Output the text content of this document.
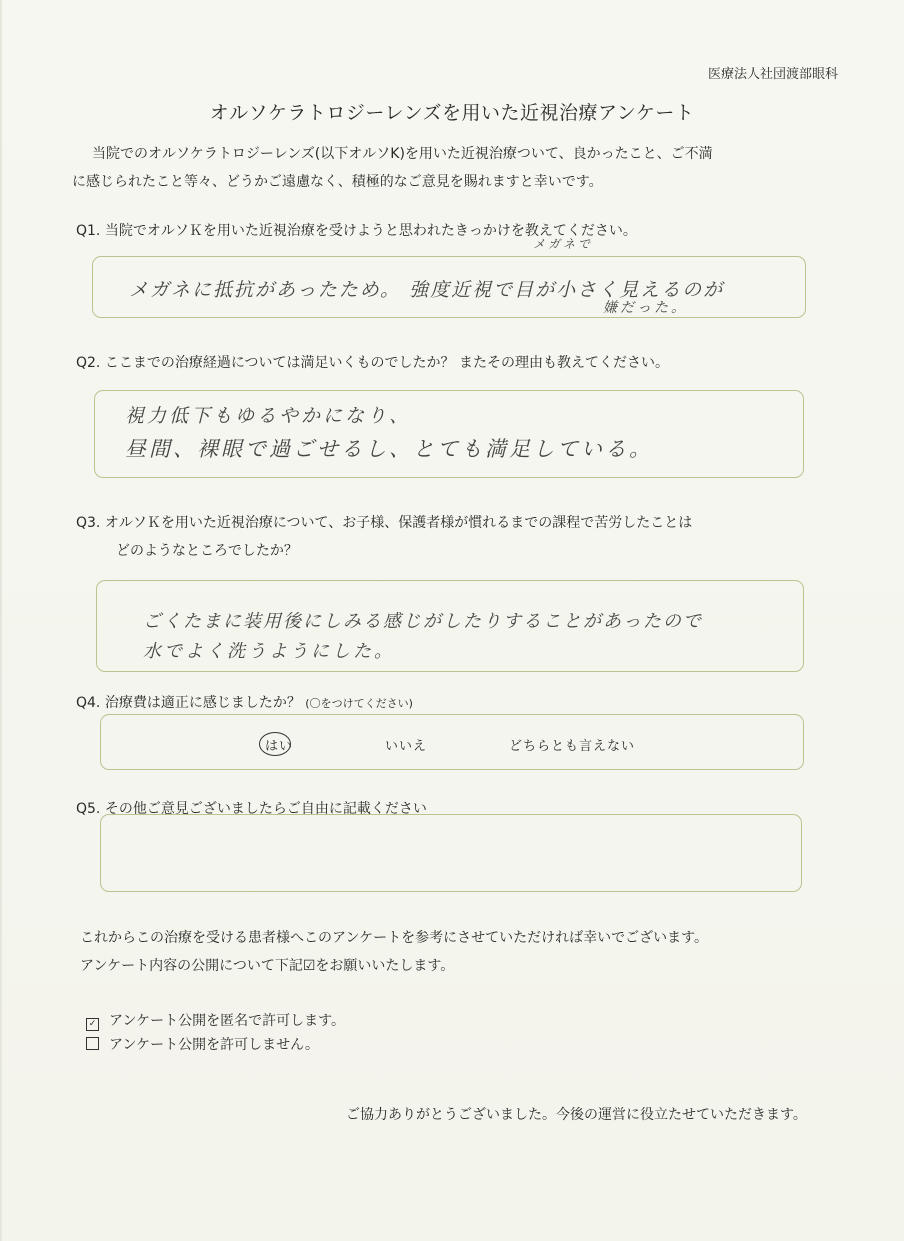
医療法人社団渡部眼科
オルソケラトロジーレンズを用いた近視治療アンケート
当院でのオルソケラトロジーレンズ(以下オルソK)を用いた近視治療ついて、良かったこと、ご不満
に感じられたこと等々、どうかご遠慮なく、積極的なご意見を賜れますと幸いです。
Q1. 当院でオルソＫを用いた近視治療を受けようと思われたきっかけを教えてください。
メガネで
メガネに抵抗があったため。 強度近視で目が小さく見えるのが
嫌だった。
Q2. ここまでの治療経過については満足いくものでしたか？ またその理由も教えてください。
視力低下もゆるやかになり、
昼間、裸眼で過ごせるし、とても満足している。
Q3. オルソＫを用いた近視治療について、お子様、保護者様が慣れるまでの課程で苦労したことは
どのようなところでしたか？
ごくたまに装用後にしみる感じがしたりすることがあったので
水でよく洗うようにした。
Q4. 治療費は適正に感じましたか？ (〇をつけてください)
はい	いいえ	どちらとも言えない
Q5. その他ご意見ございましたらご自由に記載ください
これからこの治療を受ける患者様へこのアンケートを参考にさせていただければ幸いでございます。
アンケート内容の公開について下記☑をお願いいたします。
✓ アンケート公開を匿名で許可します。
アンケート公開を許可しません。
ご協力ありがとうございました。今後の運営に役立たせていただきます。
